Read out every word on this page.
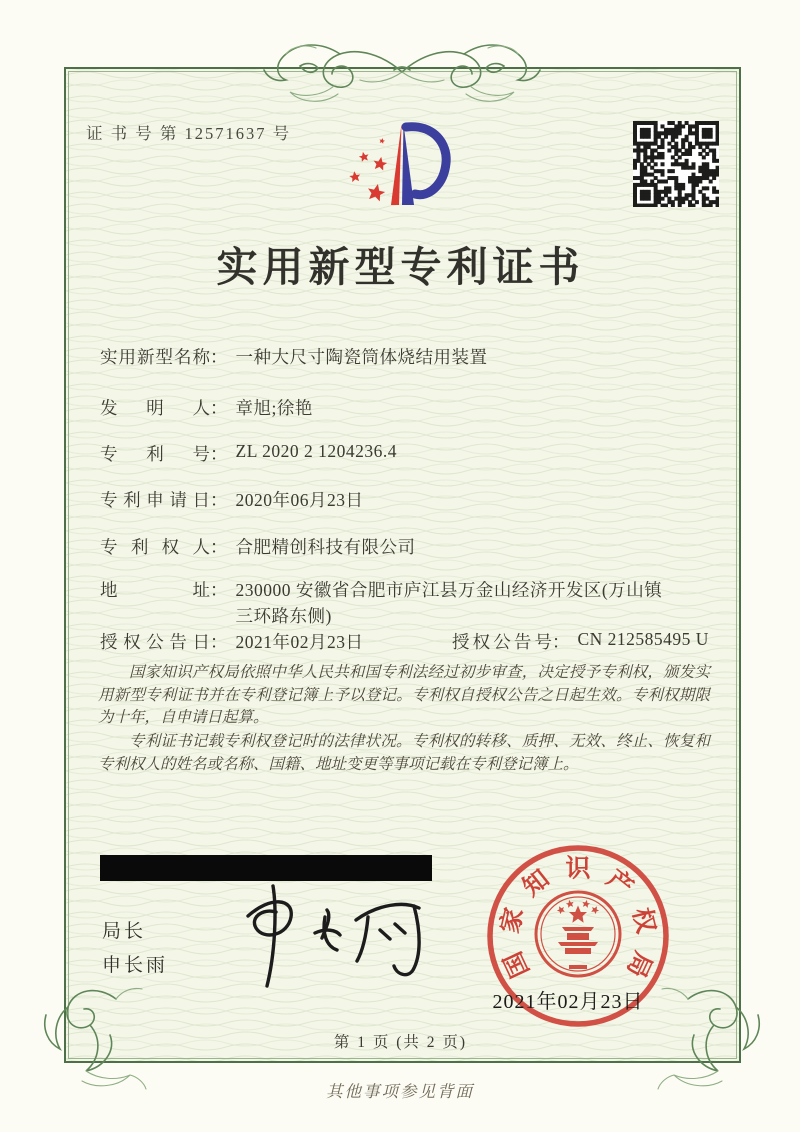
证 书 号 第 12571637 号
实用新型专利证书
实用新型名称 ： 一种大尺寸陶瓷筒体烧结用装置
发明人 ： 章旭;徐艳
专利号 ： ZL 2020 2 1204236.4
专利申请日 ： 2020年06月23日
专利权人 ： 合肥精创科技有限公司
地址 ： 230000 安徽省合肥市庐江县万金山经济开发区(万山镇三环路东侧)
授权公告日 ： 2021年02月23日	授权公告号 ： CN 212585495 U

国家知识产权局依照中华人民共和国专利法经过初步审查，决定授予专利权，颁发实用新型专利证书并在专利登记簿上予以登记。专利权自授权公告之日起生效。专利权期限为十年，自申请日起算。

专利证书记载专利权登记时的法律状况。专利权的转移、质押、无效、终止、恢复和专利权人的姓名或名称、国籍、地址变更等事项记载在专利登记簿上。

局长
申长雨	国
家
知 识 产
权
局
2021年02月23日
第 1 页 (共 2 页)
其他事项参见背面
